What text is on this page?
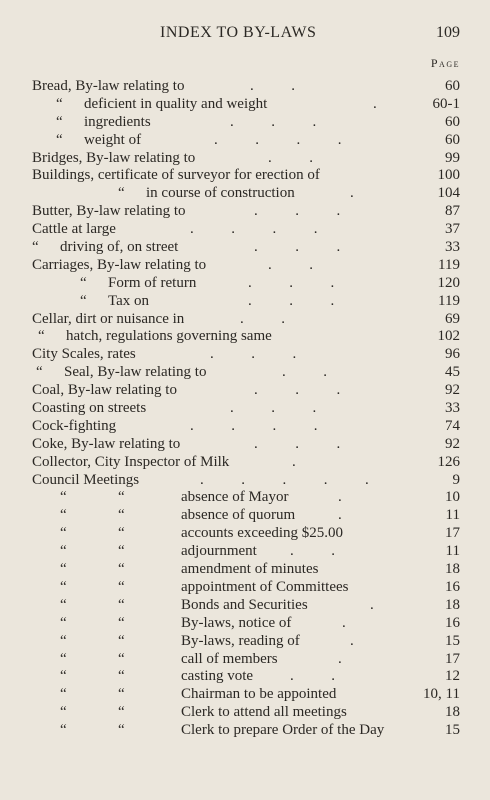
INDEX TO BY-LAWS	109
Page
Bread, By-law relating to	.          .	60
“ deficient in quality and weight	.	60-1
“ ingredients	.          .          .	60
“ weight of	.          .          .          .	60
Bridges, By-law relating to	.          .	99
Buildings, certificate of surveyor for erection of	100
“ in course of construction	.	104
Butter, By-law relating to	.          .          .	87
Cattle at large	.          .          .          .	37
“ driving of, on street	.          .          .	33
Carriages, By-law relating to	.          .	119
“ Form of return	.          .          .	120
“ Tax on	.          .          .	119
Cellar, dirt or nuisance in	.          .	69
“ hatch, regulations governing same	102
City Scales, rates	.          .          .	96
“ Seal, By-law relating to	.          .	45
Coal, By-law relating to	.          .          .	92
Coasting on streets	.          .          .	33
Cock-fighting	.          .          .          .	74
Coke, By-law relating to	.          .          .	92
Collector, City Inspector of Milk	.	126
Council Meetings	.          .          .          .          .	9
“	“	absence of Mayor	.	10
“	“	absence of quorum	.	11
“	“	accounts exceeding $25.00	17
“	“	adjournment .          .	11
“	“	amendment of minutes	18
“	“	appointment of Committees	16
“	“	Bonds and Securities	.	18
“	“	By-laws, notice of	.	16
“	“	By-laws, reading of	.	15
“	“	call of members	.	17
“	“	casting vote .          .	12
“	“	Chairman to be appointed	10, 11
“	“	Clerk to attend all meetings	18
“	“	Clerk to prepare Order of the Day	15
